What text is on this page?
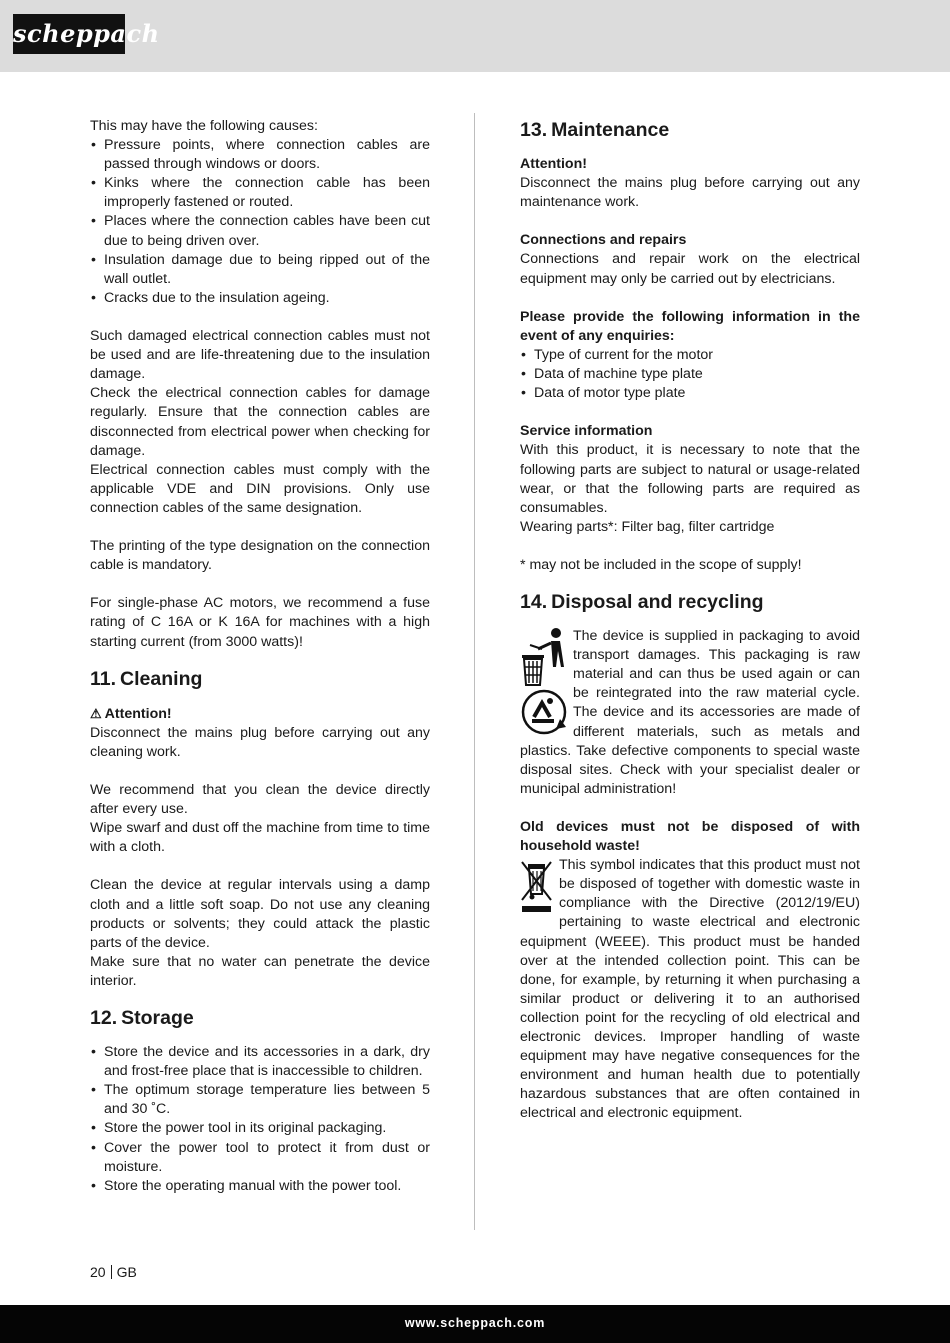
scheppach

This may have the following causes:

• Pressure points, where connection cables are passed through windows or doors.
• Kinks where the connection cable has been improperly fastened or routed.
• Places where the connection cables have been cut due to being driven over.
• Insulation damage due to being ripped out of the wall outlet.
• Cracks due to the insulation ageing.

Such damaged electrical connection cables must not be used and are life-threatening due to the insulation damage.

Check the electrical connection cables for damage regularly. Ensure that the connection cables are disconnected from electrical power when checking for damage.

Electrical connection cables must comply with the applicable VDE and DIN provisions. Only use connection cables of the same designation.

The printing of the type designation on the connection cable is mandatory.

For single-phase AC motors, we recommend a fuse rating of C 16A or K 16A for machines with a high starting current (from 3000 watts)!

11. Cleaning

⚠ Attention!

Disconnect the mains plug before carrying out any cleaning work.

We recommend that you clean the device directly after every use.

Wipe swarf and dust off the machine from time to time with a cloth.

Clean the device at regular intervals using a damp cloth and a little soft soap. Do not use any cleaning products or solvents; they could attack the plastic parts of the device.

Make sure that no water can penetrate the device interior.

12. Storage
• Store the device and its accessories in a dark, dry and frost-free place that is inaccessible to children.
• The optimum storage temperature lies between 5 and 30 ˚C.
• Store the power tool in its original packaging.
• Cover the power tool to protect it from dust or moisture.
• Store the operating manual with the power tool.
13. Maintenance

Attention!

Disconnect the mains plug before carrying out any maintenance work.

Connections and repairs

Connections and repair work on the electrical equipment may only be carried out by electricians.

Please provide the following information in the event of any enquiries:

• Type of current for the motor
• Data of machine type plate
• Data of motor type plate

Service information

With this product, it is necessary to note that the following parts are subject to natural or usage-related wear, or that the following parts are required as consumables.

Wearing parts*: Filter bag, filter cartridge

* may not be included in the scope of supply!

14. Disposal and recycling

The device is supplied in packaging to avoid transport damages. This packaging is raw material and can thus be used again or can be reintegrated into the raw material cycle. The device and its accessories are made of different materials, such as metals and plastics. Take defective components to special waste disposal sites. Check with your specialist dealer or municipal administration!

Old devices must not be disposed of with household waste!

This symbol indicates that this product must not be disposed of together with domestic waste in compliance with the Directive (2012/19/EU) pertaining to waste electrical and electronic equipment (WEEE). This product must be handed over at the intended collection point. This can be done, for example, by returning it when purchasing a similar product or delivering it to an authorised collection point for the recycling of old electrical and electronic devices. Improper handling of waste equipment may have negative consequences for the environment and human health due to potentially hazardous substances that are often contained in electrical and electronic equipment.

20 GB
www.scheppach.com
